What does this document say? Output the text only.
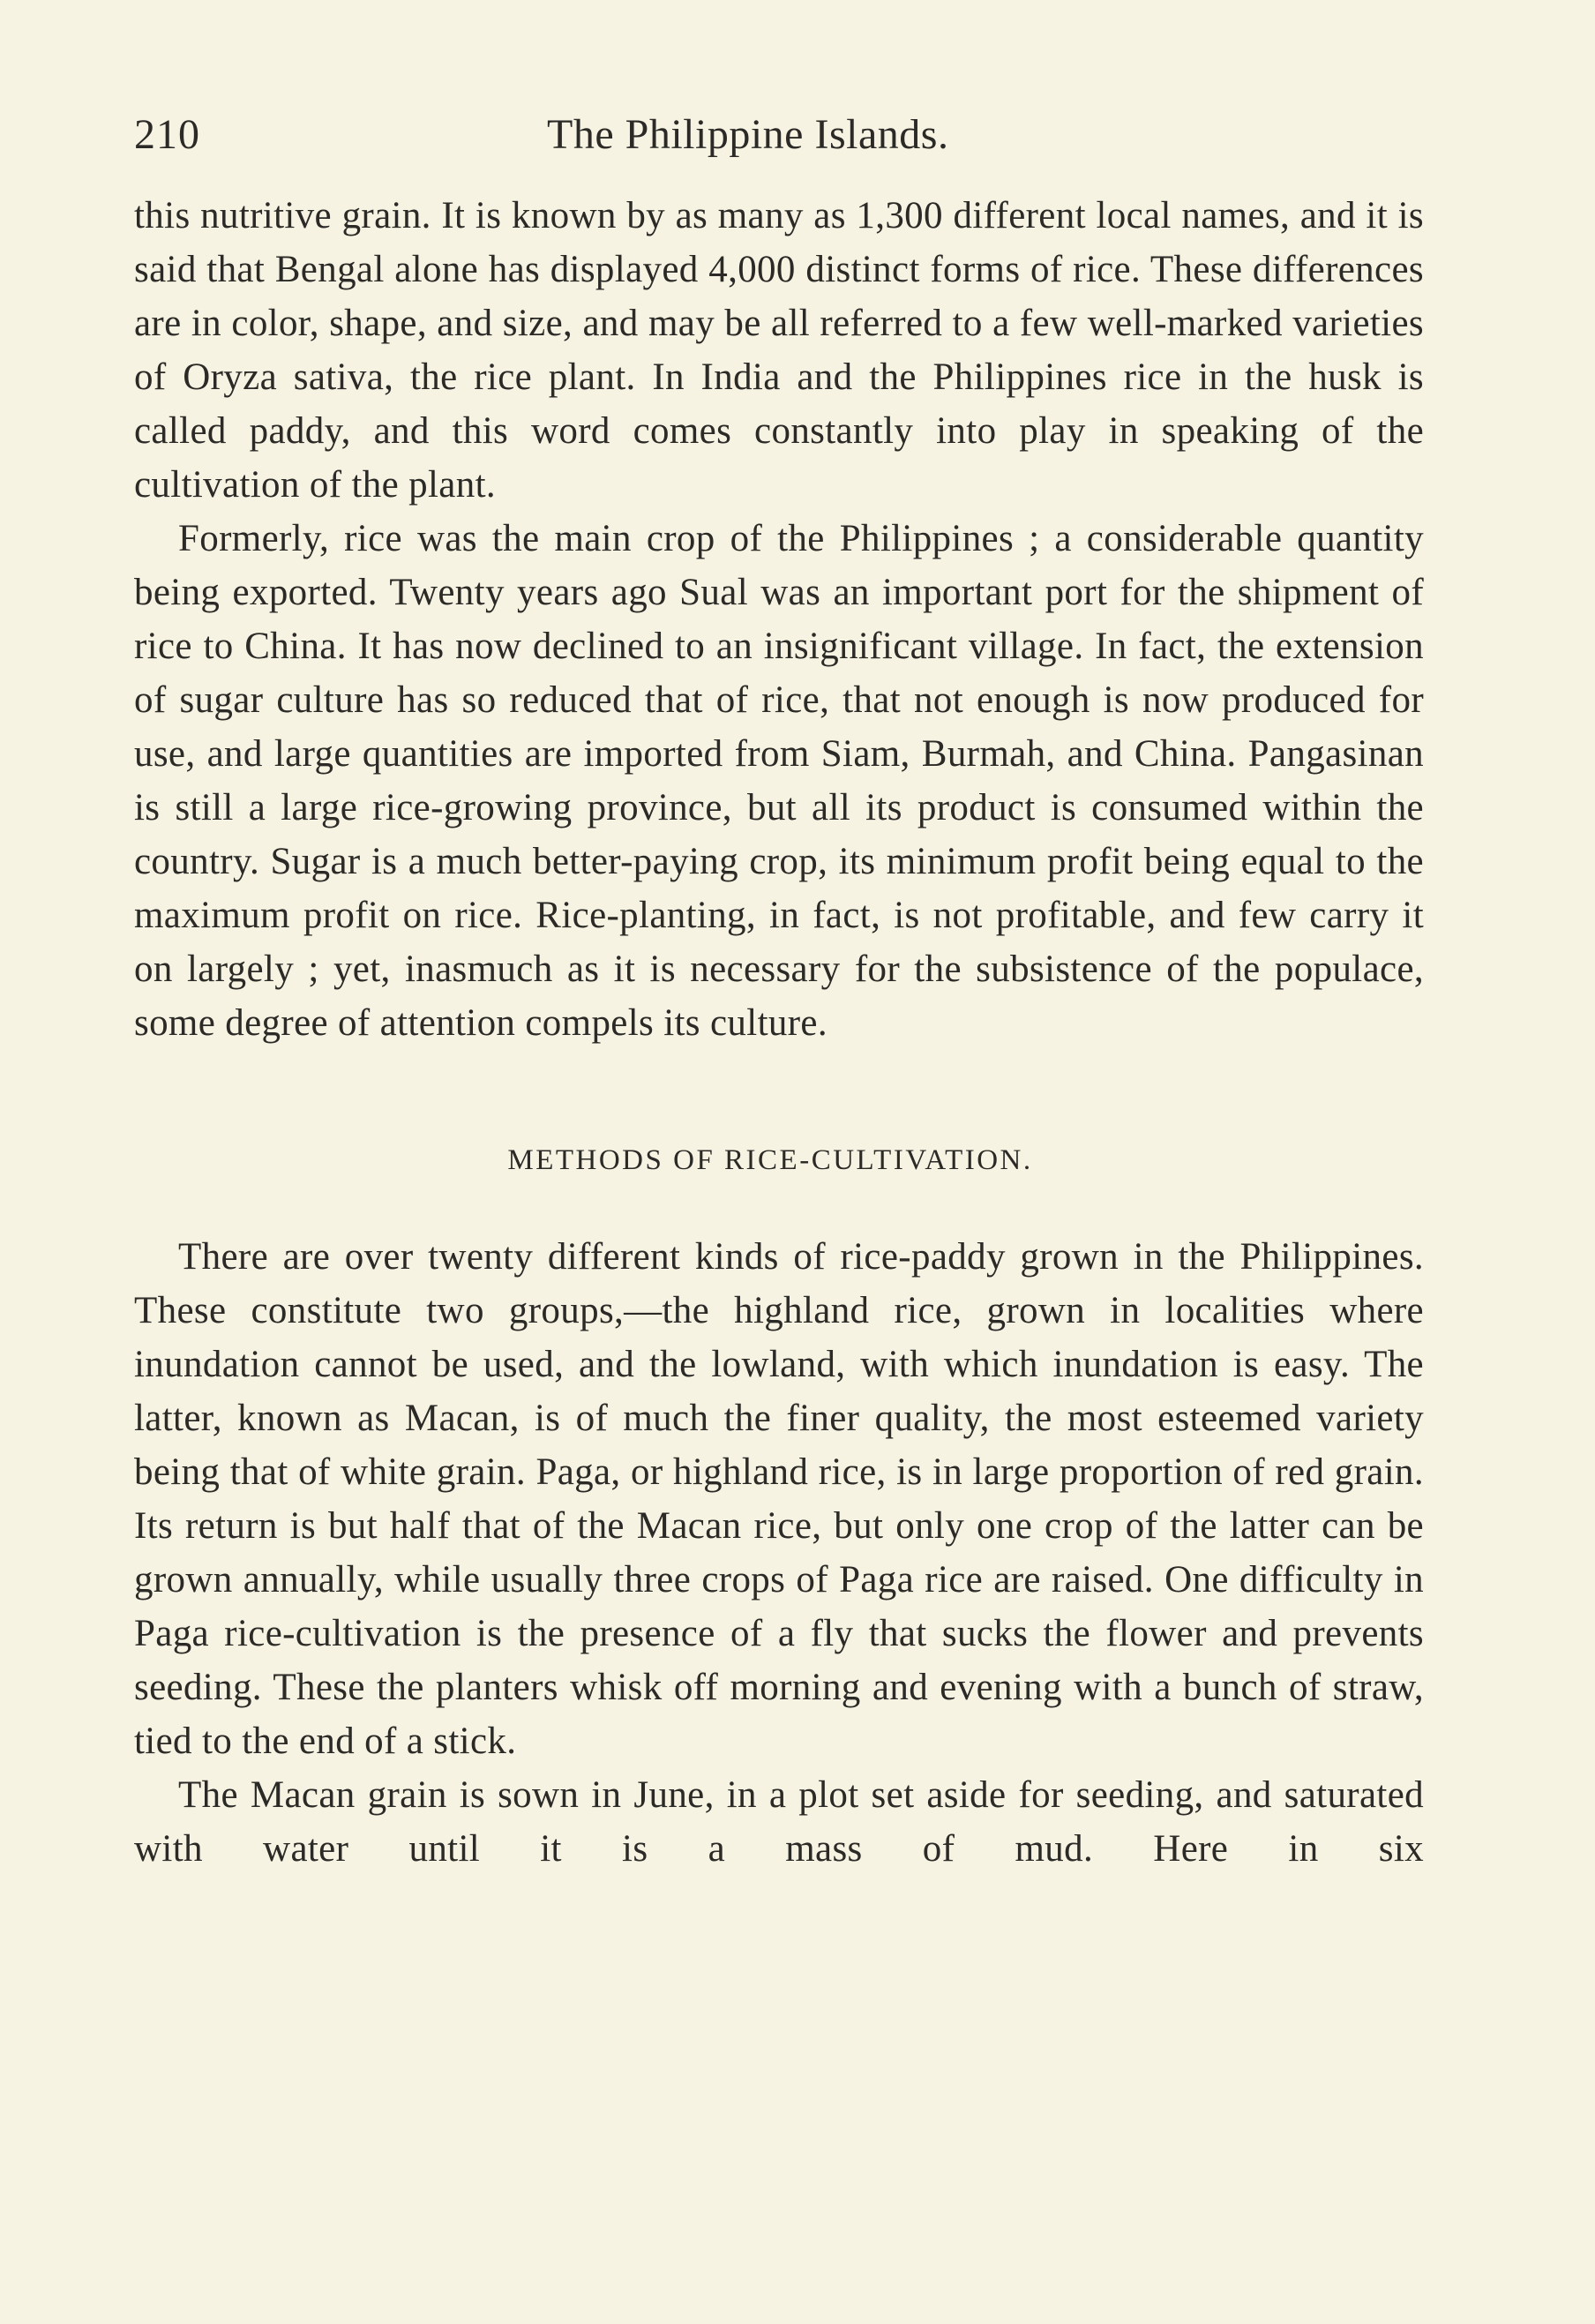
210	The Philippine Islands.

this nutritive grain. It is known by as many as 1,300 different local names, and it is said that Bengal alone has displayed 4,000 distinct forms of rice. These differences are in color, shape, and size, and may be all referred to a few well-marked varieties of Oryza sativa, the rice plant. In India and the Philippines rice in the husk is called paddy, and this word comes constantly into play in speaking of the cultivation of the plant.

Formerly, rice was the main crop of the Philippines ; a considerable quantity being exported. Twenty years ago Sual was an important port for the shipment of rice to China. It has now declined to an insignificant village. In fact, the extension of sugar culture has so reduced that of rice, that not enough is now produced for use, and large quantities are imported from Siam, Burmah, and China. Pangasinan is still a large rice-growing province, but all its product is consumed within the country. Sugar is a much better-paying crop, its minimum profit being equal to the maximum profit on rice. Rice-planting, in fact, is not profitable, and few carry it on largely ; yet, inasmuch as it is necessary for the subsistence of the populace, some degree of attention compels its culture.

METHODS OF RICE-CULTIVATION.

There are over twenty different kinds of rice-paddy grown in the Philippines. These constitute two groups,—the highland rice, grown in localities where inundation cannot be used, and the lowland, with which inundation is easy. The latter, known as Macan, is of much the finer quality, the most esteemed variety being that of white grain. Paga, or highland rice, is in large proportion of red grain. Its return is but half that of the Macan rice, but only one crop of the latter can be grown annually, while usually three crops of Paga rice are raised. One difficulty in Paga rice-cultivation is the presence of a fly that sucks the flower and prevents seeding. These the planters whisk off morning and evening with a bunch of straw, tied to the end of a stick.

The Macan grain is sown in June, in a plot set aside for seeding, and saturated with water until it is a mass of mud. Here in six
